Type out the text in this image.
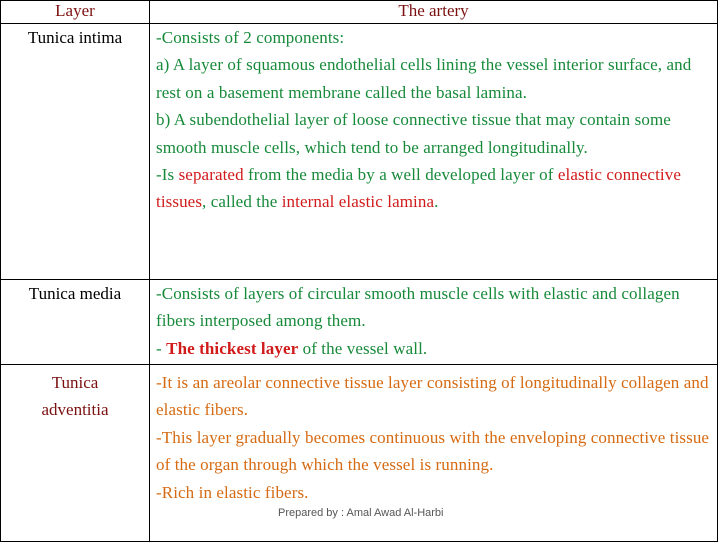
Layer	The artery
Tunica intima	-Consists of 2 components:
a) A layer of squamous endothelial cells lining the vessel interior surface, and rest on a basement membrane called the basal lamina.
b) A subendothelial layer of loose connective tissue that may contain some smooth muscle cells, which tend to be arranged longitudinally.
-Is separated from the media by a well developed layer of elastic connective tissues, called the internal elastic lamina.

Tunica media	-Consists of layers of circular smooth muscle cells with elastic and collagen fibers interposed among them.
- The thickest layer of the vessel wall.

Tunica
adventitia	-It is an areolar connective tissue layer consisting of longitudinally collagen and elastic fibers.
-This layer gradually becomes continuous with the enveloping connective tissue of the organ through which the vessel is running.
-Rich in elastic fibers.
Prepared by : Amal Awad Al-Harbi
